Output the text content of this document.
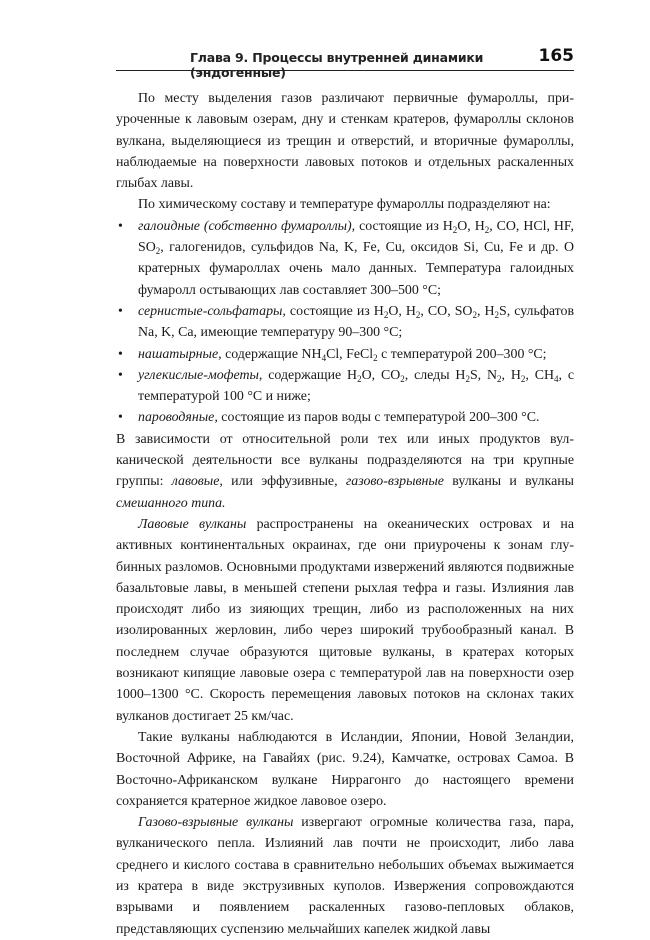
Глава 9. Процессы внутренней динамики (эндогенные)
165

По месту выделения газов различают первичные фумароллы, приуроченные к лавовым озерам, дну и стенкам кратеров, фумароллы склонов вулкана, выделяющиеся из трещин и отверстий, и вторичные фумароллы, наблюдаемые на поверхности лавовых потоков и отдельных раскаленных глыбах лавы.

По химическому составу и температуре фумароллы подразделяют на:

• галоидные (собственно фумароллы), состоящие из $H_2O$, $H_2$, CO, HCl, HF, $SO_2$, галогенидов, сульфидов Na, K, Fe, Cu, оксидов Si, Cu, Fe и др. О кратерных фумароллах очень мало данных. Температура галоидных фумаролл остывающих лав составляет 300–500 °С;
• сернистые-сольфатары, состоящие из $H_2O$, $H_2$, CO, $SO_2$, $H_2S$, сульфатов Na, K, Ca, имеющие температуру 90–300 °С;
• нашатырные, содержащие $NH_4Cl$, FeCl$_2$ с температурой 200–300 °С;
• углекислые-мофеты, содержащие $H_2O$, $CO_2$, следы $H_2S$, $N_2$, $H_2$, $CH_4$, с температурой 100 °С и ниже;
• пароводяные, состоящие из паров воды с температурой 200–300 °С.

В зависимости от относительной роли тех или иных продуктов вулканической деятельности все вулканы подразделяются на три крупные группы: лавовые, или эффузивные, газово-взрывные вулканы и вулканы смешанного типа.

Лавовые вулканы распространены на океанических островах и на активных континентальных окраинах, где они приурочены к зонам глубинных разломов. Основными продуктами извержений являются подвижные базальтовые лавы, в меньшей степени рыхлая тефра и газы. Излияния лав происходят либо из зияющих трещин, либо из расположенных на них изолированных жерловин, либо через широкий трубообразный канал. В последнем случае образуются щитовые вулканы, в кратерах которых возникают кипящие лавовые озера с температурой лав на поверхности озер 1000–1300 °С. Скорость перемещения лавовых потоков на склонах таких вулканов достигает 25 км/час.

Такие вулканы наблюдаются в Исландии, Японии, Новой Зеландии, Восточной Африке, на Гавайях (рис. 9.24), Камчатке, островах Самоа. В Восточно-Африканском вулкане Ниррагонго до настоящего времени сохраняется кратерное жидкое лавовое озеро.

Газово-взрывные вулканы извергают огромные количества газа, пара, вулканического пепла. Излияний лав почти не происходит, либо лава среднего и кислого состава в сравнительно небольших объемах выжимается из кратера в виде экструзивных куполов. Извержения сопровождаются взрывами и появлением раскаленных газово-пепловых облаков, представляющих суспензию мельчайших капелек жидкой лавы
